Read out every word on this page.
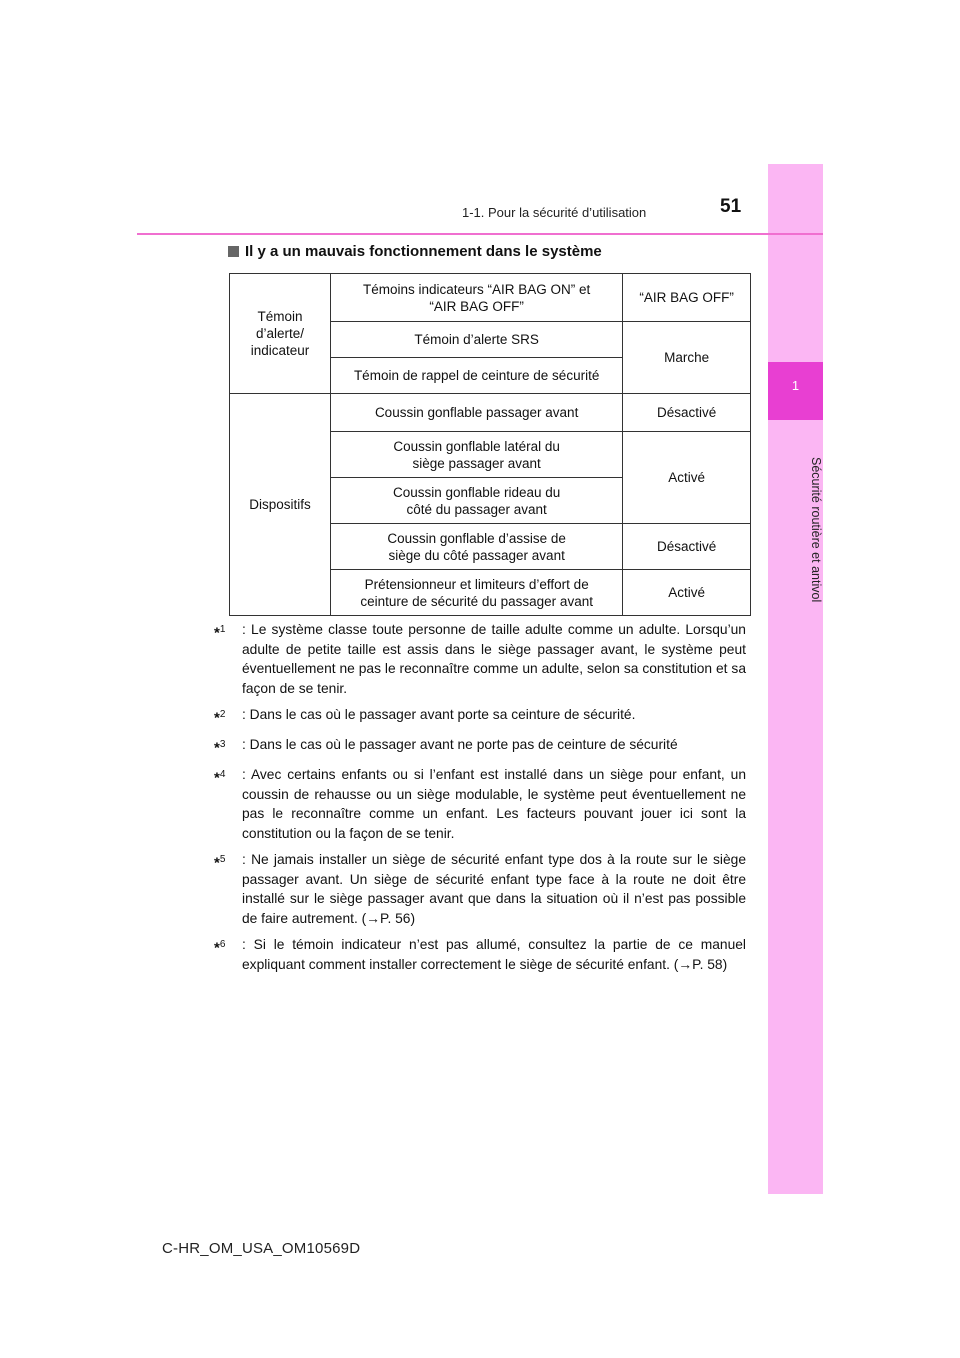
1
Sécurité routière et antivol
1-1. Pour la sécurité d’utilisation	51
Il y a un mauvais fonctionnement dans le système
Témoin d’alerte/ indicateur	Témoins indicateurs “AIR BAG ON” et “AIR BAG OFF”	“AIR BAG OFF”
	Témoin d’alerte SRS	Marche
	Témoin de rappel de ceinture de sécurité	
Dispositifs	Coussin gonflable passager avant	Désactivé
	Coussin gonflable latéral du siège passager avant	Activé
	Coussin gonflable rideau du côté du passager avant	
	Coussin gonflable d’assise de siège du côté passager avant	Désactivé
	Prétensionneur et limiteurs d’effort de ceinture de sécurité du passager avant	Activé
*$^1$	: Le système classe toute personne de taille adulte comme un adulte. Lorsqu’un adulte de petite taille est assis dans le siège passager avant, le système peut éventuellement ne pas le reconnaître comme un adulte, selon sa constitution et sa façon de se tenir.
*$^2$	: Dans le cas où le passager avant porte sa ceinture de sécurité.
*$^3$	: Dans le cas où le passager avant ne porte pas de ceinture de sécurité
*$^4$	: Avec certains enfants ou si l’enfant est installé dans un siège pour enfant, un coussin de rehausse ou un siège modulable, le système peut éventuellement ne pas le reconnaître comme un enfant. Les facteurs pouvant jouer ici sont la constitution ou la façon de se tenir.
*$^5$	: Ne jamais installer un siège de sécurité enfant type dos à la route sur le siège passager avant. Un siège de sécurité enfant type face à la route ne doit être installé sur le siège passager avant que dans la situation où il n’est pas possible de faire autrement. (→P. 56)
*$^6$	: Si le témoin indicateur n’est pas allumé, consultez la partie de ce manuel expliquant comment installer correctement le siège de sécurité enfant. (→P. 58)
C-HR_OM_USA_OM10569D
